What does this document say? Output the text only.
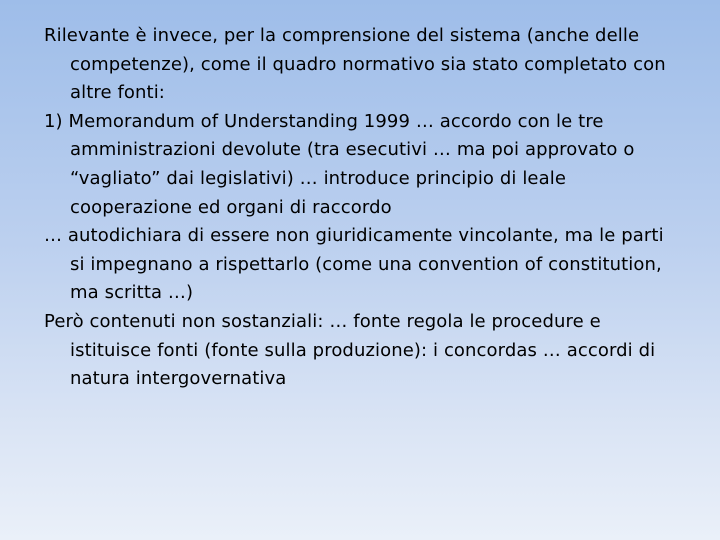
Rilevante è invece, per la comprensione del sistema (anche delle competenze), come il quadro normativo sia stato completato con altre fonti:

1) Memorandum of Understanding 1999 … accordo con le tre amministrazioni devolute (tra esecutivi … ma poi approvato o “vagliato” dai legislativi) … introduce principio di leale cooperazione ed organi di raccordo

… autodichiara di essere non giuridicamente vincolante, ma le parti si impegnano a rispettarlo (come una convention of constitution, ma scritta …)

Però contenuti non sostanziali: … fonte regola le procedure e istituisce fonti (fonte sulla produzione): i concordas … accordi di natura intergovernativa
